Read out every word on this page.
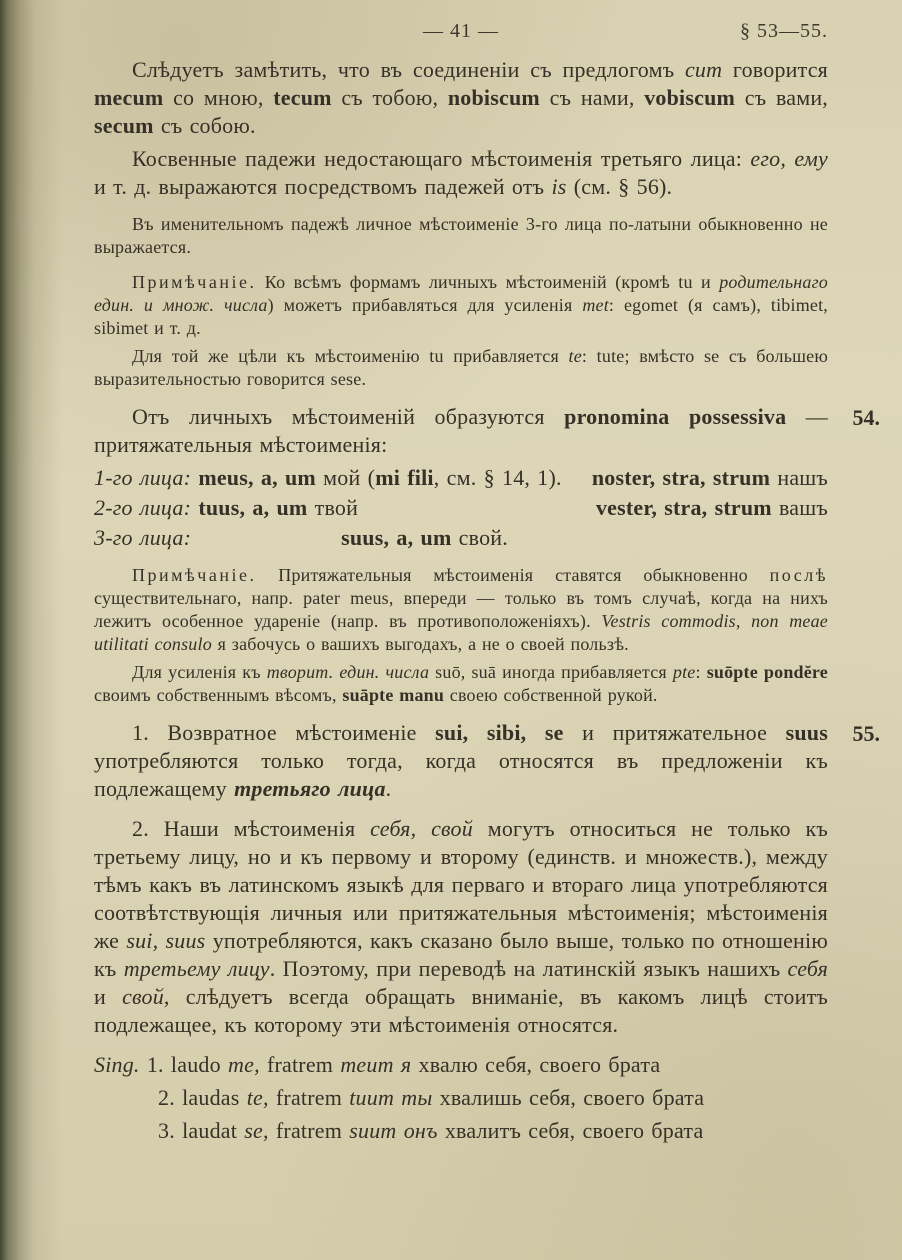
— 41 —	§ 53—55.

Слѣдуетъ замѣтить, что въ соединеніи съ предлогомъ cum говорится mecum со мною, tecum съ тобою, nobiscum съ нами, vobiscum съ вами, secum съ собою.

Косвенные падежи недостающаго мѣстоименія третьяго лица: его, ему и т. д. выражаются посредствомъ падежей отъ is (см. § 56).

Въ именительномъ падежѣ личное мѣстоименіе 3-го лица по-латыни обыкновенно не выражается.

Примѣчаніе. Ко всѣмъ формамъ личныхъ мѣстоименій (кромѣ tu и родительнаго един. и множ. числа) можетъ прибавляться для усиленія met: egomet (я самъ), tibimet, sibimet и т. д.

Для той же цѣли къ мѣстоименію tu прибавляется te: tute; вмѣсто se съ большею выразительностью говорится sese.

54.
Отъ личныхъ мѣстоименій образуются pronomina possessiva — притяжательныя мѣстоименія:

noster, stra, strum нашъ
1-го лица: meus, a, um мой (mi fili, см. § 14, 1).

vester, stra, strum вашъ
2-го лица: tuus, a, um твой

3-го лица:	suus, a, um свой.

Примѣчаніе. Притяжательныя мѣстоименія ставятся обыкновенно послѣ существительнаго, напр. pater meus, впереди — только въ томъ случаѣ, когда на нихъ лежитъ особенное удареніе (напр. въ противоположеніяхъ). Vestris commodis, non meae utilitati consulo я забочусь о вашихъ выгодахъ, а не о своей пользѣ.

Для усиленія къ творит. един. числа suō, suā иногда прибавляется pte: suōpte pondĕre своимъ собственнымъ вѣсомъ, suāpte manu своею собственной рукой.

55.
1. Возвратное мѣстоименіе sui, sibi, se и притяжательное suus употребляются только тогда, когда относятся въ предложеніи къ подлежащему третьяго лица.

2. Наши мѣстоименія себя, свой могутъ относиться не только къ третьему лицу, но и къ первому и второму (единств. и множеств.), между тѣмъ какъ въ латинскомъ языкѣ для перваго и втораго лица употребляются соотвѣтствующія личныя или притяжательныя мѣстоименія; мѣстоименія же sui, suus употребляются, какъ сказано было выше, только по отношенію къ третьему лицу. Поэтому, при переводѣ на латинскій языкъ нашихъ себя и свой, слѣдуетъ всегда обращать вниманіе, въ какомъ лицѣ стоитъ подлежащее, къ которому эти мѣстоименія относятся.

Sing. 1. laudo me, fratrem meum я хвалю себя, своего брата

2. laudas te, fratrem tuum ты хвалишь себя, своего брата

3. laudat se, fratrem suum онъ хвалитъ себя, своего брата
